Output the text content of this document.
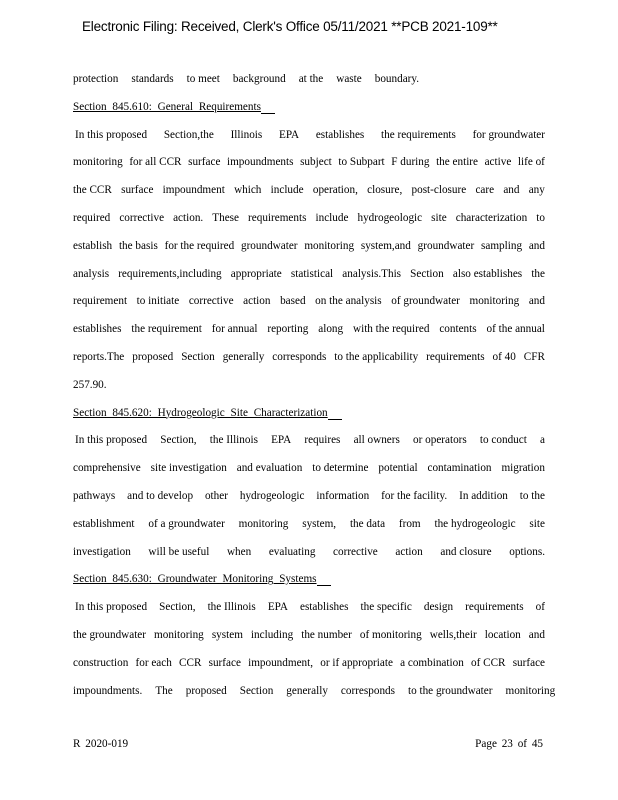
Electronic Filing: Received, Clerk's Office 05/11/2021 **PCB 2021-109**
protection standards to meet background at the waste boundary.
Section 845.610: General Requirements
In this proposed Section,the Illinois EPA establishes the requirements for groundwater
monitoring for all CCR surface impoundments subject to Subpart F during the entire active life of
the CCR surface impoundment which include operation, closure, post-closure care and any
required corrective action. These requirements include hydrogeologic site characterization to
establish the basis for the required groundwater monitoring system,and groundwater sampling and
analysis requirements,including appropriate statistical analysis.This Section also establishes the
requirement to initiate corrective action based on the analysis of groundwater monitoring and
establishes the requirement for annual reporting along with the required contents of the annual
reports.The proposed Section generally corresponds to the applicability requirements of 40 CFR
257.90.
Section 845.620: Hydrogeologic Site Characterization
In this proposed Section, the Illinois EPA requires all owners or operators to conduct a
comprehensive site investigation and evaluation to determine potential contamination migration
pathways and to develop other hydrogeologic information for the facility. In addition to the
establishment of a groundwater monitoring system, the data from the hydrogeologic site
investigation will be useful when evaluating corrective action and closure options.
Section 845.630: Groundwater Monitoring Systems
In this proposed Section, the Illinois EPA establishes the specific design requirements of
the groundwater monitoring system including the number of monitoring wells,their location and
construction for each CCR surface impoundment, or if appropriate a combination of CCR surface
impoundments. The proposed Section generally corresponds to the groundwater monitoring
R 2020-019	Page 23 of 45
